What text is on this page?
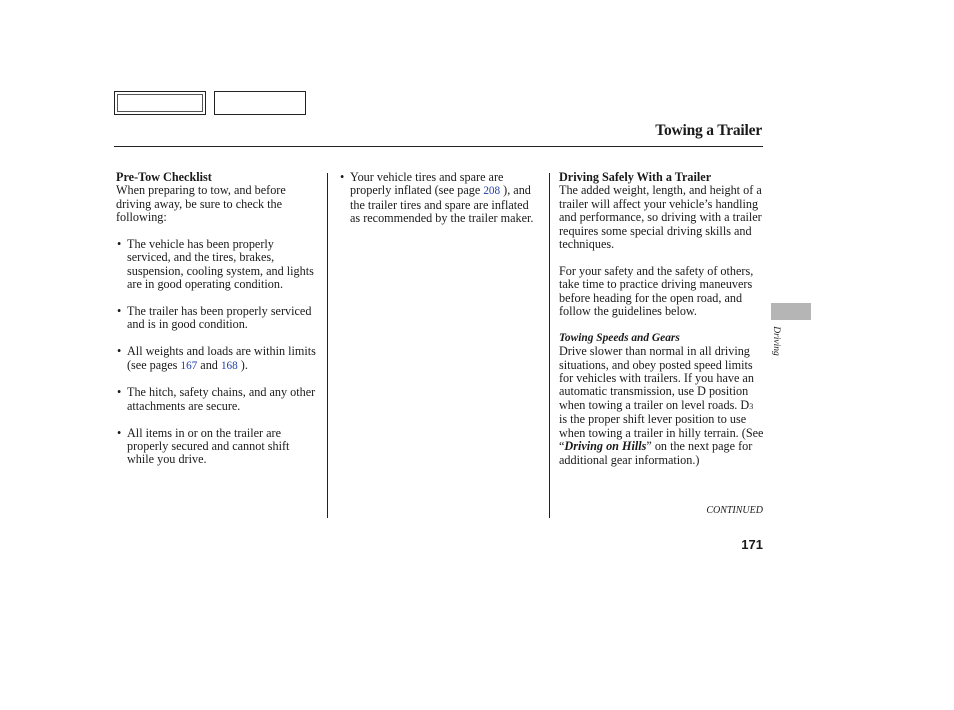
Towing a Trailer

Pre-Tow Checklist

When preparing to tow, and before driving away, be sure to check the following:

• The vehicle has been properly serviced, and the tires, brakes, suspension, cooling system, and lights are in good operating condition.

• The trailer has been properly serviced and is in good condition.

• All weights and loads are within limits (see pages 167 and 168 ).

• The hitch, safety chains, and any other attachments are secure.

• All items in or on the trailer are properly secured and cannot shift while you drive.

• Your vehicle tires and spare are properly inflated (see page 208 ), and the trailer tires and spare are inflated as recommended by the trailer maker.

Driving Safely With a Trailer

The added weight, length, and height of a trailer will affect your vehicle’s handling and performance, so driving with a trailer requires some special driving skills and techniques.

For your safety and the safety of others, take time to practice driving maneuvers before heading for the open road, and follow the guidelines below.

Towing Speeds and Gears

Drive slower than normal in all driving situations, and obey posted speed limits for vehicles with trailers. If you have an automatic transmission, use D position when towing a trailer on level roads. D3   is the proper shift lever position to use when towing a trailer in hilly terrain. (See “Driving on Hills” on the next page for additional gear information.)

CONTINUED
171
Driving
